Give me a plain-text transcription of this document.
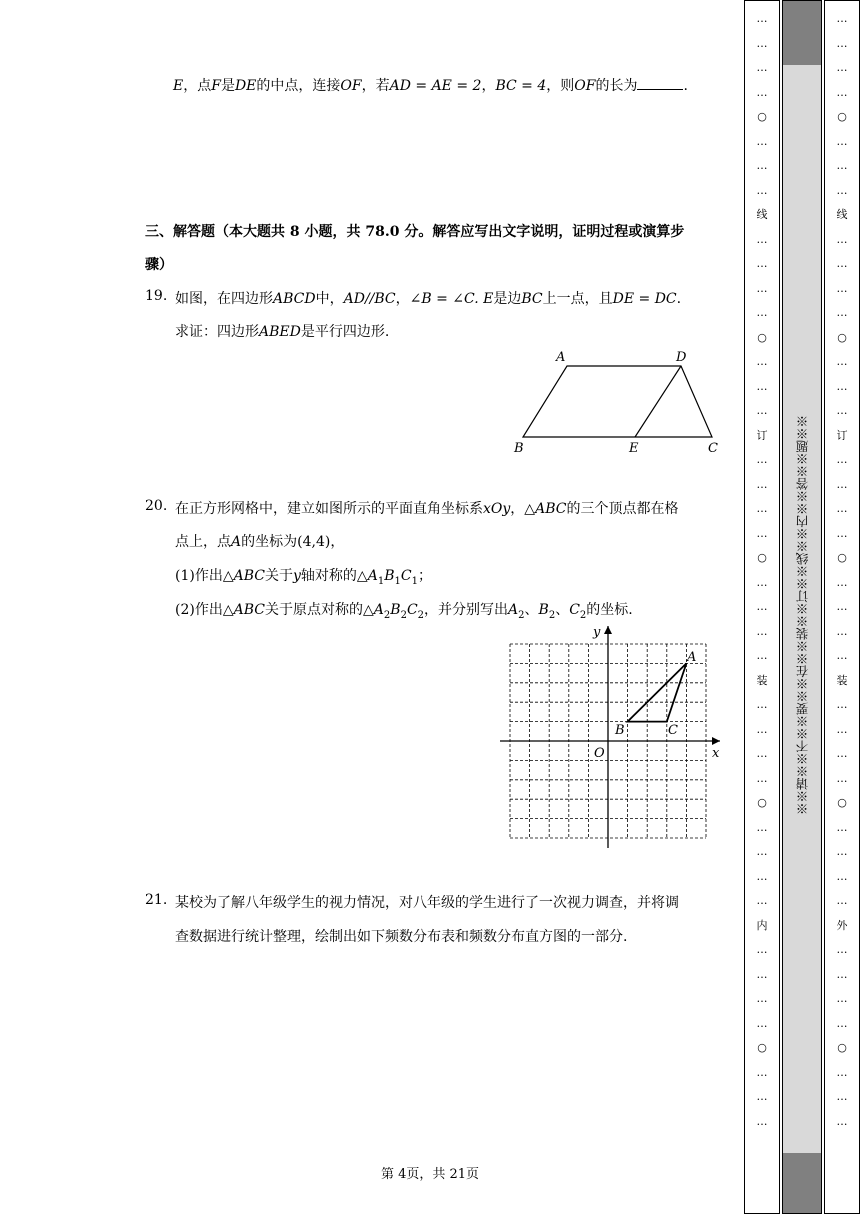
E，点F是DE的中点，连接OF，若AD = AE = 2，BC = 4，则OF的长为	.
三、解答题（本大题共 8 小题，共 78.0 分。解答应写出文字说明，证明过程或演算步
骤）
19. 如图，在四边形ABCD中，AD//BC，∠B = ∠C. E是边BC上一点，且DE = DC.
求证：四边形ABED是平行四边形.
A	D
B	E	C
20. 在正方形网格中，建立如图所示的平面直角坐标系xOy，△ABC的三个顶点都在格
点上，点A的坐标为(4,4)，
(1)作出△ABC关于y轴对称的$\triangle A_1B_1C_1$；
(2)作出△ABC关于原点对称的$\triangle A_2B_2C_2$，并分别写出$A_2$、$B_2$、$C_2$的坐标.
y
x
O
A
B	C
21. 某校为了解八年级学生的视力情况，对八年级的学生进行了一次视力调查，并将调
查数据进行统计整理，绘制出如下频数分布表和频数分布直方图的一部分.
第 4页，共 21页
…
…
…
…
○
…
…
…
线
…
…
…
…
○
…
…
…
订
…
…
…
…
○
…
…
…
…
装
…
…
…
…
○
…
…
…
…
内
…
…
…
…
○
…
…
…
※※请※※不※※要※※在※※装※※订※※线※※内※※答※※题※※
…
…
…
…
○
…
…
…
线
…
…
…
…
○
…
…
…
订
…
…
…
…
○
…
…
…
…
装
…
…
…
…
○
…
…
…
…
外
…
…
…
…
○
…
…
…
